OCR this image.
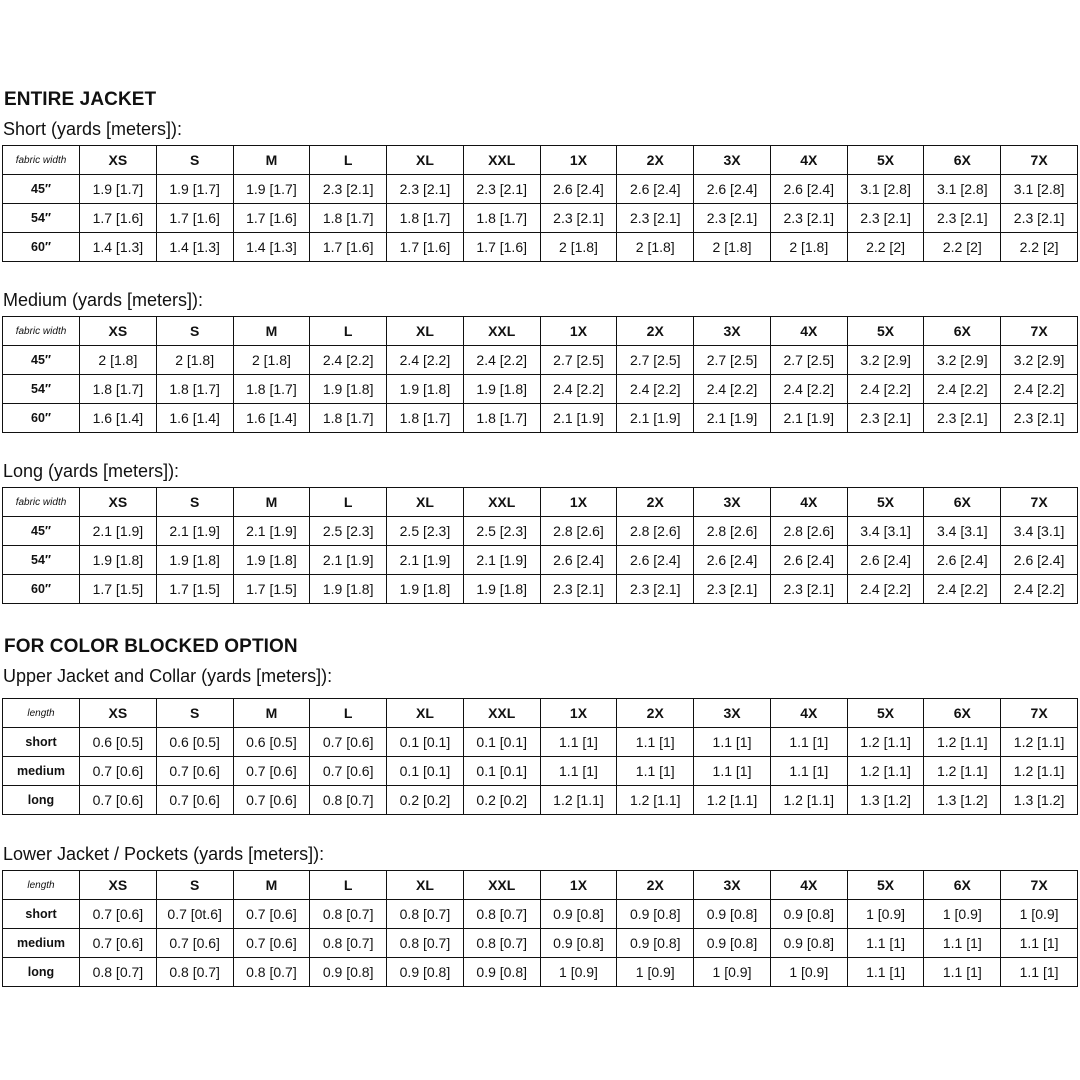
ENTIRE JACKET
Short (yards [meters]):
fabric width	XS	S	M	L	XL	XXL	1X	2X	3X	4X	5X	6X	7X
45″	1.9 [1.7]	1.9 [1.7]	1.9 [1.7]	2.3 [2.1]	2.3 [2.1]	2.3 [2.1]	2.6 [2.4]	2.6 [2.4]	2.6 [2.4]	2.6 [2.4]	3.1 [2.8]	3.1 [2.8]	3.1 [2.8]
54″	1.7 [1.6]	1.7 [1.6]	1.7 [1.6]	1.8 [1.7]	1.8 [1.7]	1.8 [1.7]	2.3 [2.1]	2.3 [2.1]	2.3 [2.1]	2.3 [2.1]	2.3 [2.1]	2.3 [2.1]	2.3 [2.1]
60″	1.4 [1.3]	1.4 [1.3]	1.4 [1.3]	1.7 [1.6]	1.7 [1.6]	1.7 [1.6]	2 [1.8]	2 [1.8]	2 [1.8]	2 [1.8]	2.2 [2]	2.2 [2]	2.2 [2]
Medium (yards [meters]):
fabric width	XS	S	M	L	XL	XXL	1X	2X	3X	4X	5X	6X	7X
45″	2 [1.8]	2 [1.8]	2 [1.8]	2.4 [2.2]	2.4 [2.2]	2.4 [2.2]	2.7 [2.5]	2.7 [2.5]	2.7 [2.5]	2.7 [2.5]	3.2 [2.9]	3.2 [2.9]	3.2 [2.9]
54″	1.8 [1.7]	1.8 [1.7]	1.8 [1.7]	1.9 [1.8]	1.9 [1.8]	1.9 [1.8]	2.4 [2.2]	2.4 [2.2]	2.4 [2.2]	2.4 [2.2]	2.4 [2.2]	2.4 [2.2]	2.4 [2.2]
60″	1.6 [1.4]	1.6 [1.4]	1.6 [1.4]	1.8 [1.7]	1.8 [1.7]	1.8 [1.7]	2.1 [1.9]	2.1 [1.9]	2.1 [1.9]	2.1 [1.9]	2.3 [2.1]	2.3 [2.1]	2.3 [2.1]
Long (yards [meters]):
fabric width	XS	S	M	L	XL	XXL	1X	2X	3X	4X	5X	6X	7X
45″	2.1 [1.9]	2.1 [1.9]	2.1 [1.9]	2.5 [2.3]	2.5 [2.3]	2.5 [2.3]	2.8 [2.6]	2.8 [2.6]	2.8 [2.6]	2.8 [2.6]	3.4 [3.1]	3.4 [3.1]	3.4 [3.1]
54″	1.9 [1.8]	1.9 [1.8]	1.9 [1.8]	2.1 [1.9]	2.1 [1.9]	2.1 [1.9]	2.6 [2.4]	2.6 [2.4]	2.6 [2.4]	2.6 [2.4]	2.6 [2.4]	2.6 [2.4]	2.6 [2.4]
60″	1.7 [1.5]	1.7 [1.5]	1.7 [1.5]	1.9 [1.8]	1.9 [1.8]	1.9 [1.8]	2.3 [2.1]	2.3 [2.1]	2.3 [2.1]	2.3 [2.1]	2.4 [2.2]	2.4 [2.2]	2.4 [2.2]
FOR COLOR BLOCKED OPTION
Upper Jacket and Collar (yards [meters]):
length	XS	S	M	L	XL	XXL	1X	2X	3X	4X	5X	6X	7X
short	0.6 [0.5]	0.6 [0.5]	0.6 [0.5]	0.7 [0.6]	0.1 [0.1]	0.1 [0.1]	1.1 [1]	1.1 [1]	1.1 [1]	1.1 [1]	1.2 [1.1]	1.2 [1.1]	1.2 [1.1]
medium	0.7 [0.6]	0.7 [0.6]	0.7 [0.6]	0.7 [0.6]	0.1 [0.1]	0.1 [0.1]	1.1 [1]	1.1 [1]	1.1 [1]	1.1 [1]	1.2 [1.1]	1.2 [1.1]	1.2 [1.1]
long	0.7 [0.6]	0.7 [0.6]	0.7 [0.6]	0.8 [0.7]	0.2 [0.2]	0.2 [0.2]	1.2 [1.1]	1.2 [1.1]	1.2 [1.1]	1.2 [1.1]	1.3 [1.2]	1.3 [1.2]	1.3 [1.2]
Lower Jacket / Pockets (yards [meters]):
length	XS	S	M	L	XL	XXL	1X	2X	3X	4X	5X	6X	7X
short	0.7 [0.6]	0.7 [0t.6]	0.7 [0.6]	0.8 [0.7]	0.8 [0.7]	0.8 [0.7]	0.9 [0.8]	0.9 [0.8]	0.9 [0.8]	0.9 [0.8]	1 [0.9]	1 [0.9]	1 [0.9]
medium	0.7 [0.6]	0.7 [0.6]	0.7 [0.6]	0.8 [0.7]	0.8 [0.7]	0.8 [0.7]	0.9 [0.8]	0.9 [0.8]	0.9 [0.8]	0.9 [0.8]	1.1 [1]	1.1 [1]	1.1 [1]
long	0.8 [0.7]	0.8 [0.7]	0.8 [0.7]	0.9 [0.8]	0.9 [0.8]	0.9 [0.8]	1 [0.9]	1 [0.9]	1 [0.9]	1 [0.9]	1.1 [1]	1.1 [1]	1.1 [1]
